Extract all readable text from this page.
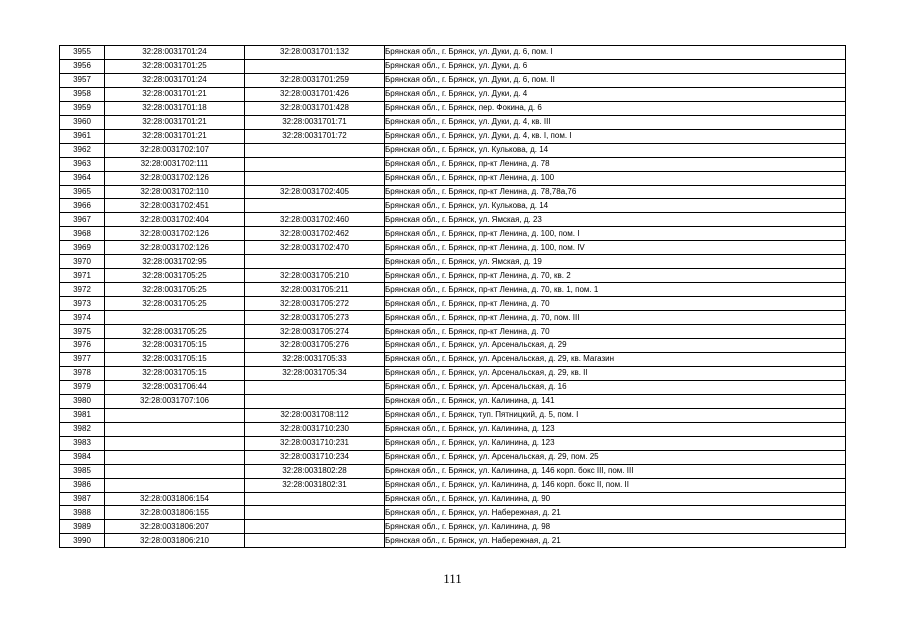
3955	32:28:0031701:24	32:28:0031701:132	Брянская обл., г. Брянск, ул. Дуки, д. 6, пом. I
3956	32:28:0031701:25		Брянская обл., г. Брянск, ул. Дуки, д. 6
3957	32:28:0031701:24	32:28:0031701:259	Брянская обл., г. Брянск, ул. Дуки, д. 6, пом. II
3958	32:28:0031701:21	32:28:0031701:426	Брянская обл., г. Брянск, ул. Дуки, д. 4
3959	32:28:0031701:18	32:28:0031701:428	Брянская обл., г. Брянск, пер. Фокина, д. 6
3960	32:28:0031701:21	32:28:0031701:71	Брянская обл., г. Брянск, ул. Дуки, д. 4, кв. III
3961	32:28:0031701:21	32:28:0031701:72	Брянская обл., г. Брянск, ул. Дуки, д. 4, кв. I, пом. I
3962	32:28:0031702:107		Брянская обл., г. Брянск, ул. Кулькова, д. 14
3963	32:28:0031702:111		Брянская обл., г. Брянск, пр-кт Ленина, д. 78
3964	32:28:0031702:126		Брянская обл., г. Брянск, пр-кт Ленина, д. 100
3965	32:28:0031702:110	32:28:0031702:405	Брянская обл., г. Брянск, пр-кт Ленина, д. 78,78а,76
3966	32:28:0031702:451		Брянская обл., г. Брянск, ул. Кулькова, д. 14
3967	32:28:0031702:404	32:28:0031702:460	Брянская обл., г. Брянск, ул. Ямская, д. 23
3968	32:28:0031702:126	32:28:0031702:462	Брянская обл., г. Брянск, пр-кт Ленина, д. 100, пом. I
3969	32:28:0031702:126	32:28:0031702:470	Брянская обл., г. Брянск, пр-кт Ленина, д. 100, пом. IV
3970	32:28:0031702:95		Брянская обл., г. Брянск, ул. Ямская, д. 19
3971	32:28:0031705:25	32:28:0031705:210	Брянская обл., г. Брянск, пр-кт Ленина, д. 70, кв. 2
3972	32:28:0031705:25	32:28:0031705:211	Брянская обл., г. Брянск, пр-кт Ленина, д. 70, кв. 1, пом. 1
3973	32:28:0031705:25	32:28:0031705:272	Брянская обл., г. Брянск, пр-кт Ленина, д. 70
3974		32:28:0031705:273	Брянская обл., г. Брянск, пр-кт Ленина, д. 70, пом. III
3975	32:28:0031705:25	32:28:0031705:274	Брянская обл., г. Брянск, пр-кт Ленина, д. 70
3976	32:28:0031705:15	32:28:0031705:276	Брянская обл., г. Брянск, ул. Арсенальская, д. 29
3977	32:28:0031705:15	32:28:0031705:33	Брянская обл., г. Брянск, ул. Арсенальская, д. 29, кв. Магазин
3978	32:28:0031705:15	32:28:0031705:34	Брянская обл., г. Брянск, ул. Арсенальская, д. 29, кв. II
3979	32:28:0031706:44		Брянская обл., г. Брянск, ул. Арсенальская, д. 16
3980	32:28:0031707:106		Брянская обл., г. Брянск, ул. Калинина, д. 141
3981		32:28:0031708:112	Брянская обл., г. Брянск, туп. Пятницкий, д. 5, пом. I
3982		32:28:0031710:230	Брянская обл., г. Брянск, ул. Калинина, д. 123
3983		32:28:0031710:231	Брянская обл., г. Брянск, ул. Калинина, д. 123
3984		32:28:0031710:234	Брянская обл., г. Брянск, ул. Арсенальская, д. 29, пом. 25
3985		32:28:0031802:28	Брянская обл., г. Брянск, ул. Калинина, д. 146 корп. бокс III, пом. III
3986		32:28:0031802:31	Брянская обл., г. Брянск, ул. Калинина, д. 146 корп. бокс II, пом. II
3987	32:28:0031806:154		Брянская обл., г. Брянск, ул. Калинина, д. 90
3988	32:28:0031806:155		Брянская обл., г. Брянск, ул. Набережная, д. 21
3989	32:28:0031806:207		Брянская обл., г. Брянск, ул. Калинина, д. 98
3990	32:28:0031806:210		Брянская обл., г. Брянск, ул. Набережная, д. 21
111
